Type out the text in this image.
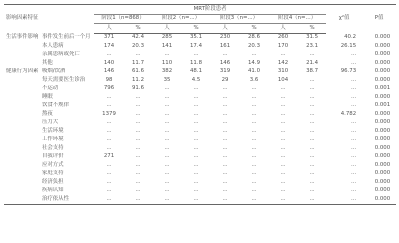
影响因素特征		MRT阶段患者								χ²值	P值
		阶段1（n=868）		阶段2（n=...）		阶段3（n=...）		阶段4（n=...）			
		人	%	人	%	人	%	人	%		
生活事件影响	事件发生前后一个月	371	42.4	285	35.1	230	28.6	260	31.5	40.2	0.000
	本人患病	174	20.3	141	17.4	161	20.3	170	23.1	26.15	0.000
	亲属患病或死亡	...	...	...	...	...	...	...	...	...	0.000
	其他	140	11.7	110	11.8	146	14.9	142	21.4	...	0.000
健康行为因素	吸烟/饮酒	146	61.6	382	48.1	319	41.0	310	38.7	96.73	0.000
	每天需要医生诊治	98	11.2	35	4.5	29	3.6	104	...	...	0.000
	不运动	796	91.6	...	...	...	...	...	...	...	0.001
	睡眠	...	...	...	...	...	...	...	...	...	0.000
	饮食不规律	...	...	...	...	...	...	...	...	...	0.001
	熬夜	1379	...	...	...	...	...	...	...	4.782	0.000
	压力大	...	...	...	...	...	...	...	...	...	0.000
	生活环境	...	...	...	...	...	...	...	...	...	0.000
	工作环境	...	...	...	...	...	...	...	...	...	0.000
	社会支持	...	...	...	...	...	...	...	...	...	0.000
	自我评价	271	...	...	...	...	...	...	...	...	0.000
	应对方式	...	...	...	...	...	...	...	...	...	0.000
	家庭支持	...	...	...	...	...	...	...	...	...	0.000
	经济负担	...	...	...	...	...	...	...	...	...	0.000
	疾病认知	...	...	...	...	...	...	...	...	...	0.000
	治疗依从性	...	...	...	...	...	...	...	...	...	0.000
